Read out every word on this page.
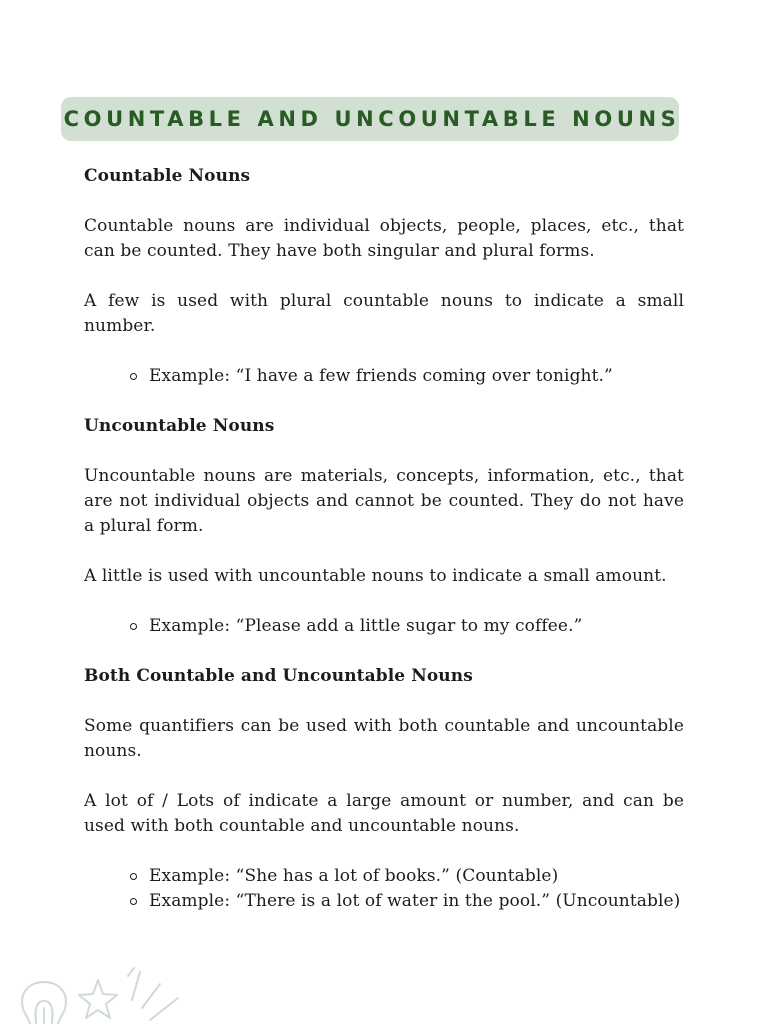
COUNTABLE AND UNCOUNTABLE NOUNS

Countable Nouns

Countable nouns are individual objects, people, places, etc., that can be counted. They have both singular and plural forms.

A few is used with plural countable nouns to indicate a small number.

Example: “I have a few friends coming over tonight.”

Uncountable Nouns

Uncountable nouns are materials, concepts, information, etc., that are not individual objects and cannot be counted. They do not have a plural form.

A little is used with uncountable nouns to indicate a small amount.

Example: “Please add a little sugar to my coffee.”

Both Countable and Uncountable Nouns

Some quantifiers can be used with both countable and uncountable nouns.

A lot of / Lots of indicate a large amount or number, and can be used with both countable and uncountable nouns.

Example: “She has a lot of books.” (Countable)
Example: “There is a lot of water in the pool.” (Uncountable)
